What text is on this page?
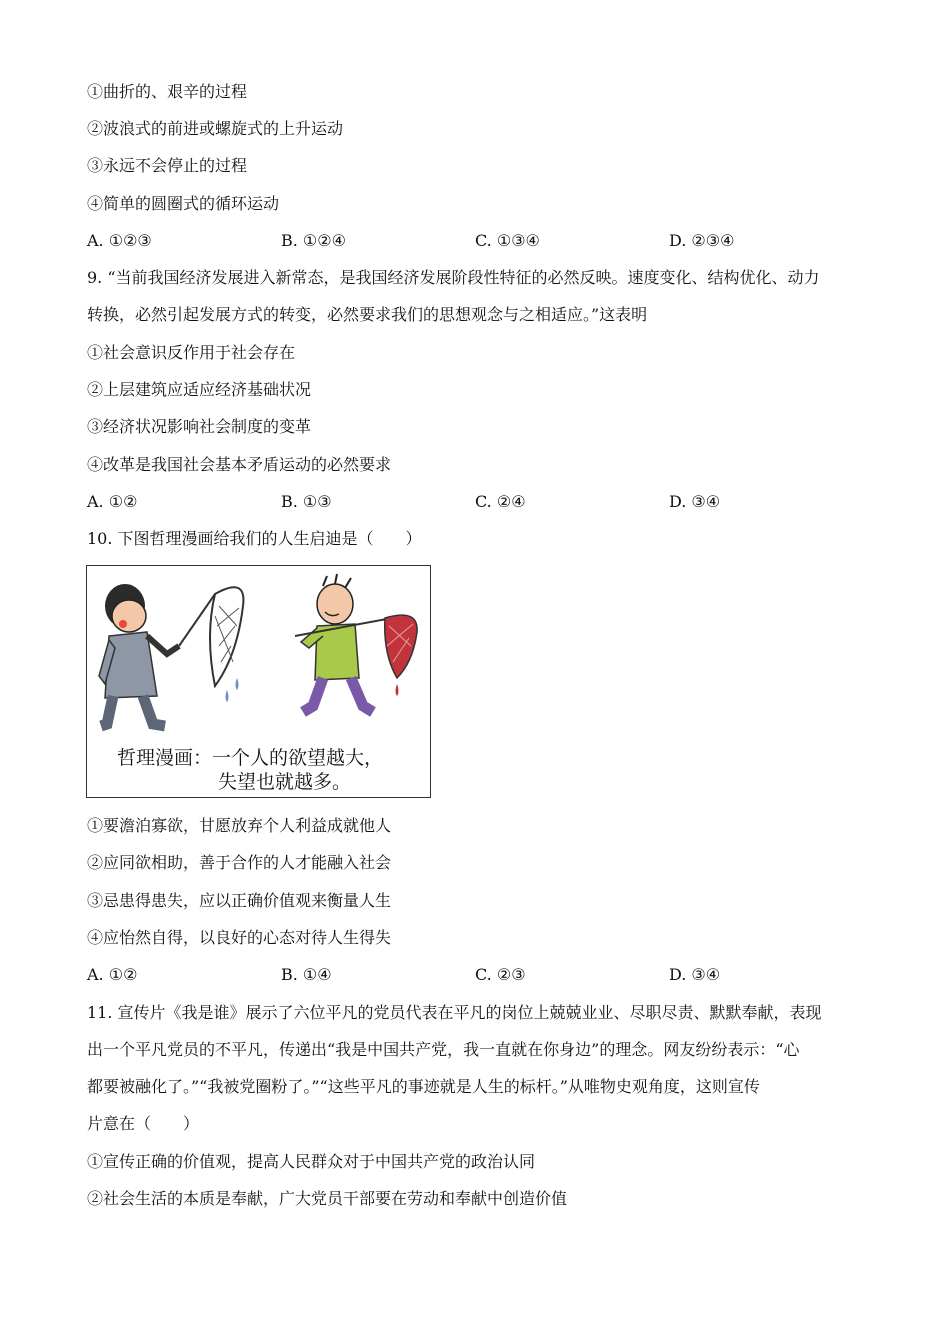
①曲折的、艰辛的过程
②波浪式的前进或螺旋式的上升运动
③永远不会停止的过程
④简单的圆圈式的循环运动
A. ①②③	B. ①②④	C. ①③④	D. ②③④
9. “当前我国经济发展进入新常态，是我国经济发展阶段性特征的必然反映。速度变化、结构优化、动力
转换，必然引起发展方式的转变，必然要求我们的思想观念与之相适应。”这表明
①社会意识反作用于社会存在
②上层建筑应适应经济基础状况
③经济状况影响社会制度的变革
④改革是我国社会基本矛盾运动的必然要求
A. ①②	B. ①③	C. ②④	D. ③④
10. 下图哲理漫画给我们的人生启迪是（　　）
哲理漫画：一个人的欲望越大，
失望也就越多。
①要澹泊寡欲，甘愿放弃个人利益成就他人
②应同欲相助，善于合作的人才能融入社会
③忌患得患失，应以正确价值观来衡量人生
④应怡然自得，以良好的心态对待人生得失
A. ①②	B. ①④	C. ②③	D. ③④
11. 宣传片《我是谁》展示了六位平凡的党员代表在平凡的岗位上兢兢业业、尽职尽责、默默奉献，表现
出一个平凡党员的不平凡，传递出“我是中国共产党，我一直就在你身边”的理念。网友纷纷表示：“心
都要被融化了。”“我被党圈粉了。”“这些平凡的事迹就是人生的标杆。”从唯物史观角度，这则宣传
片意在（　　）
①宣传正确的价值观，提高人民群众对于中国共产党的政治认同
②社会生活的本质是奉献，广大党员干部要在劳动和奉献中创造价值
